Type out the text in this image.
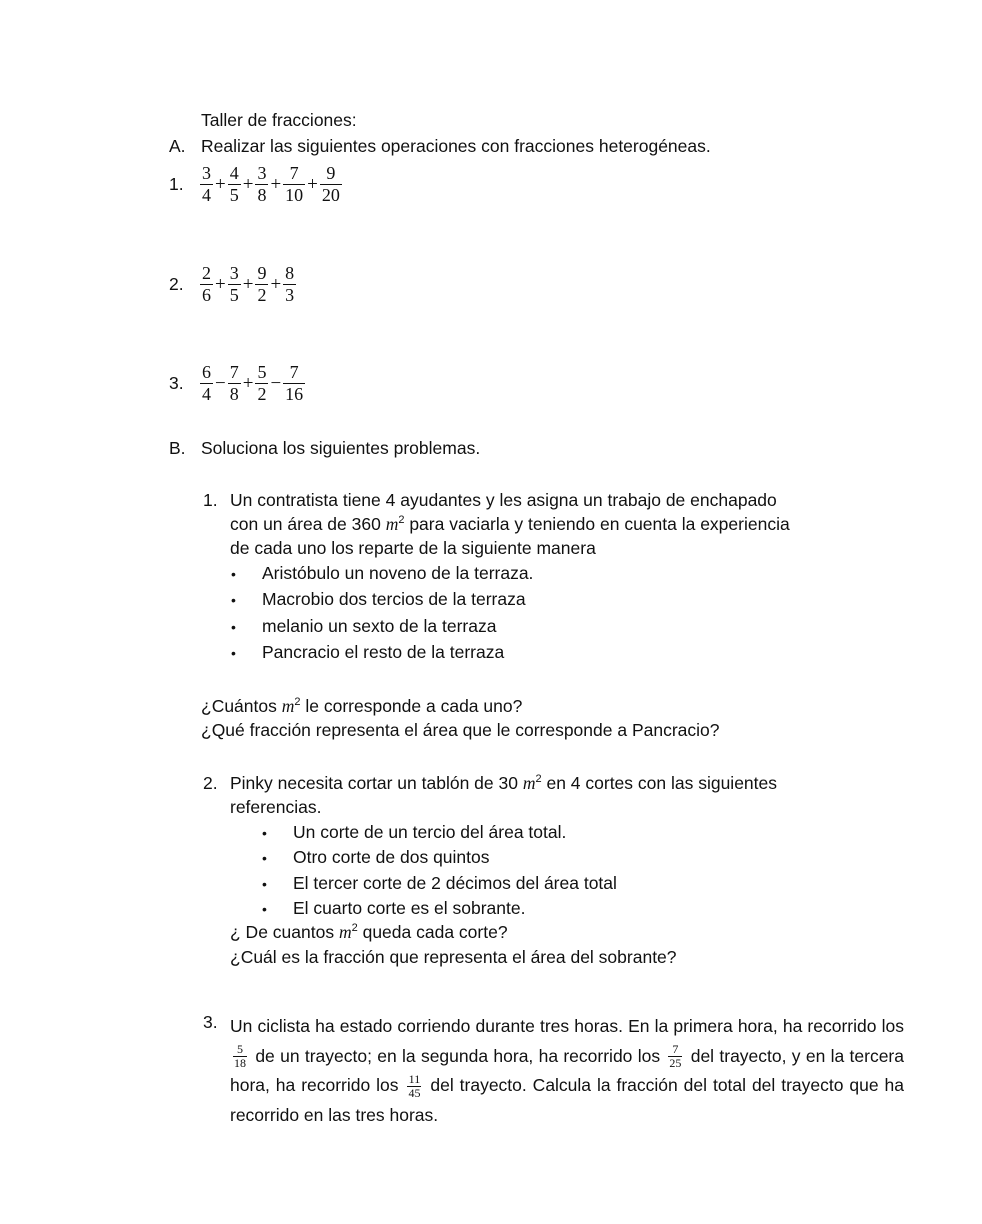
Taller de fracciones:
A. Realizar las siguientes operaciones con fracciones heterogéneas.
1. $\frac{3}{4} + \frac{4}{5} + \frac{3}{8} + \frac{7}{10} + \frac{9}{20}$
2. $\frac{2}{6} + \frac{3}{5} + \frac{9}{2} + \frac{8}{3}$
3. $\frac{6}{4} - \frac{7}{8} + \frac{5}{2} - \frac{7}{16}$
B. Soluciona los siguientes problemas.
1. Un contratista tiene 4 ayudantes y les asigna un trabajo de enchapado
con un área de 360 $m^2$ para vaciarla y teniendo en cuenta la experiencia
de cada uno los reparte de la siguiente manera
• Aristóbulo un noveno de la terraza.
• Macrobio dos tercios de la terraza
• melanio un sexto de la terraza
• Pancracio el resto de la terraza
¿Cuántos $m^2$ le corresponde a cada uno?
¿Qué fracción representa el área que le corresponde a Pancracio?
2. Pinky necesita cortar un tablón de 30 $m^2$ en 4 cortes con las siguientes
referencias.
• Un corte de un tercio del área total.
• Otro corte de dos quintos
• El tercer corte de 2 décimos del área total
• El cuarto corte es el sobrante.
¿ De cuantos $m^2$ queda cada corte?
¿Cuál es la fracción que representa el área del sobrante?
3. Un ciclista ha estado corriendo durante tres horas. En la primera hora, ha recorrido los
$\frac{5}{18}$ de un trayecto; en la segunda hora, ha recorrido los $\frac{7}{25}$ del trayecto, y en la tercera hora, ha recorrido los $\frac{11}{45}$ del trayecto. Calcula la fracción del total del trayecto que ha recorrido en las tres horas.
